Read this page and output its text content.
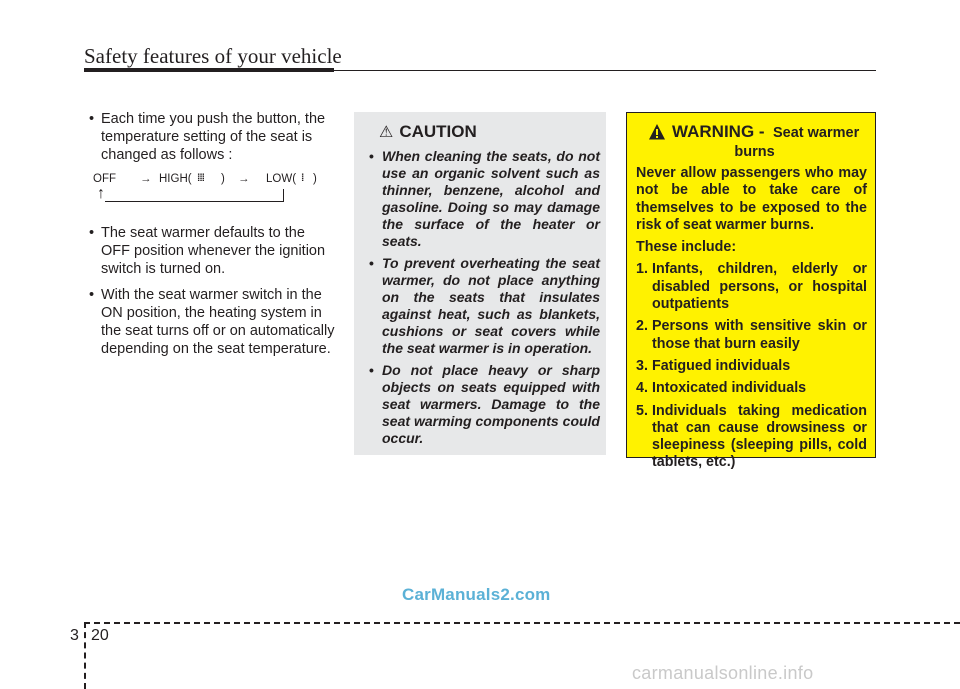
Safety features of your vehicle

• Each time you push the button, the temperature setting of the seat is changed as follows :

• The seat warmer defaults to the OFF position whenever the ignition switch is turned on.

• With the seat warmer switch in the ON position, the heating system in the seat turns off or on automatically depending on the seat temperature.

OFF → HIGH( ⁞⁞⁞ ) → LOW( ⁞ )
↑
⚠ CAUTION
• When cleaning the seats, do not use an organic solvent such as thinner, benzene, alcohol and gasoline. Doing so may damage the surface of the heater or seats.
• To prevent overheating the seat warmer, do not place anything on the seats that insulates against heat, such as blankets, cushions or seat covers while the seat warmer is in operation.
• Do not place heavy or sharp objects on seats equipped with seat warmers. Damage to the seat warming components could occur.
WARNING - Seat warmer
burns

Never allow passengers who may not be able to take care of themselves to be exposed to the risk of seat warmer burns.

These include:

1. Infants, children, elderly or disabled persons, or hospital outpatients
2. Persons with sensitive skin or those that burn easily
3. Fatigued individuals
4. Intoxicated individuals
5. Individuals taking medication that can cause drowsiness or sleepiness (sleeping pills, cold tablets, etc.)
CarManuals2.com
3 20
carmanualsonline.info
